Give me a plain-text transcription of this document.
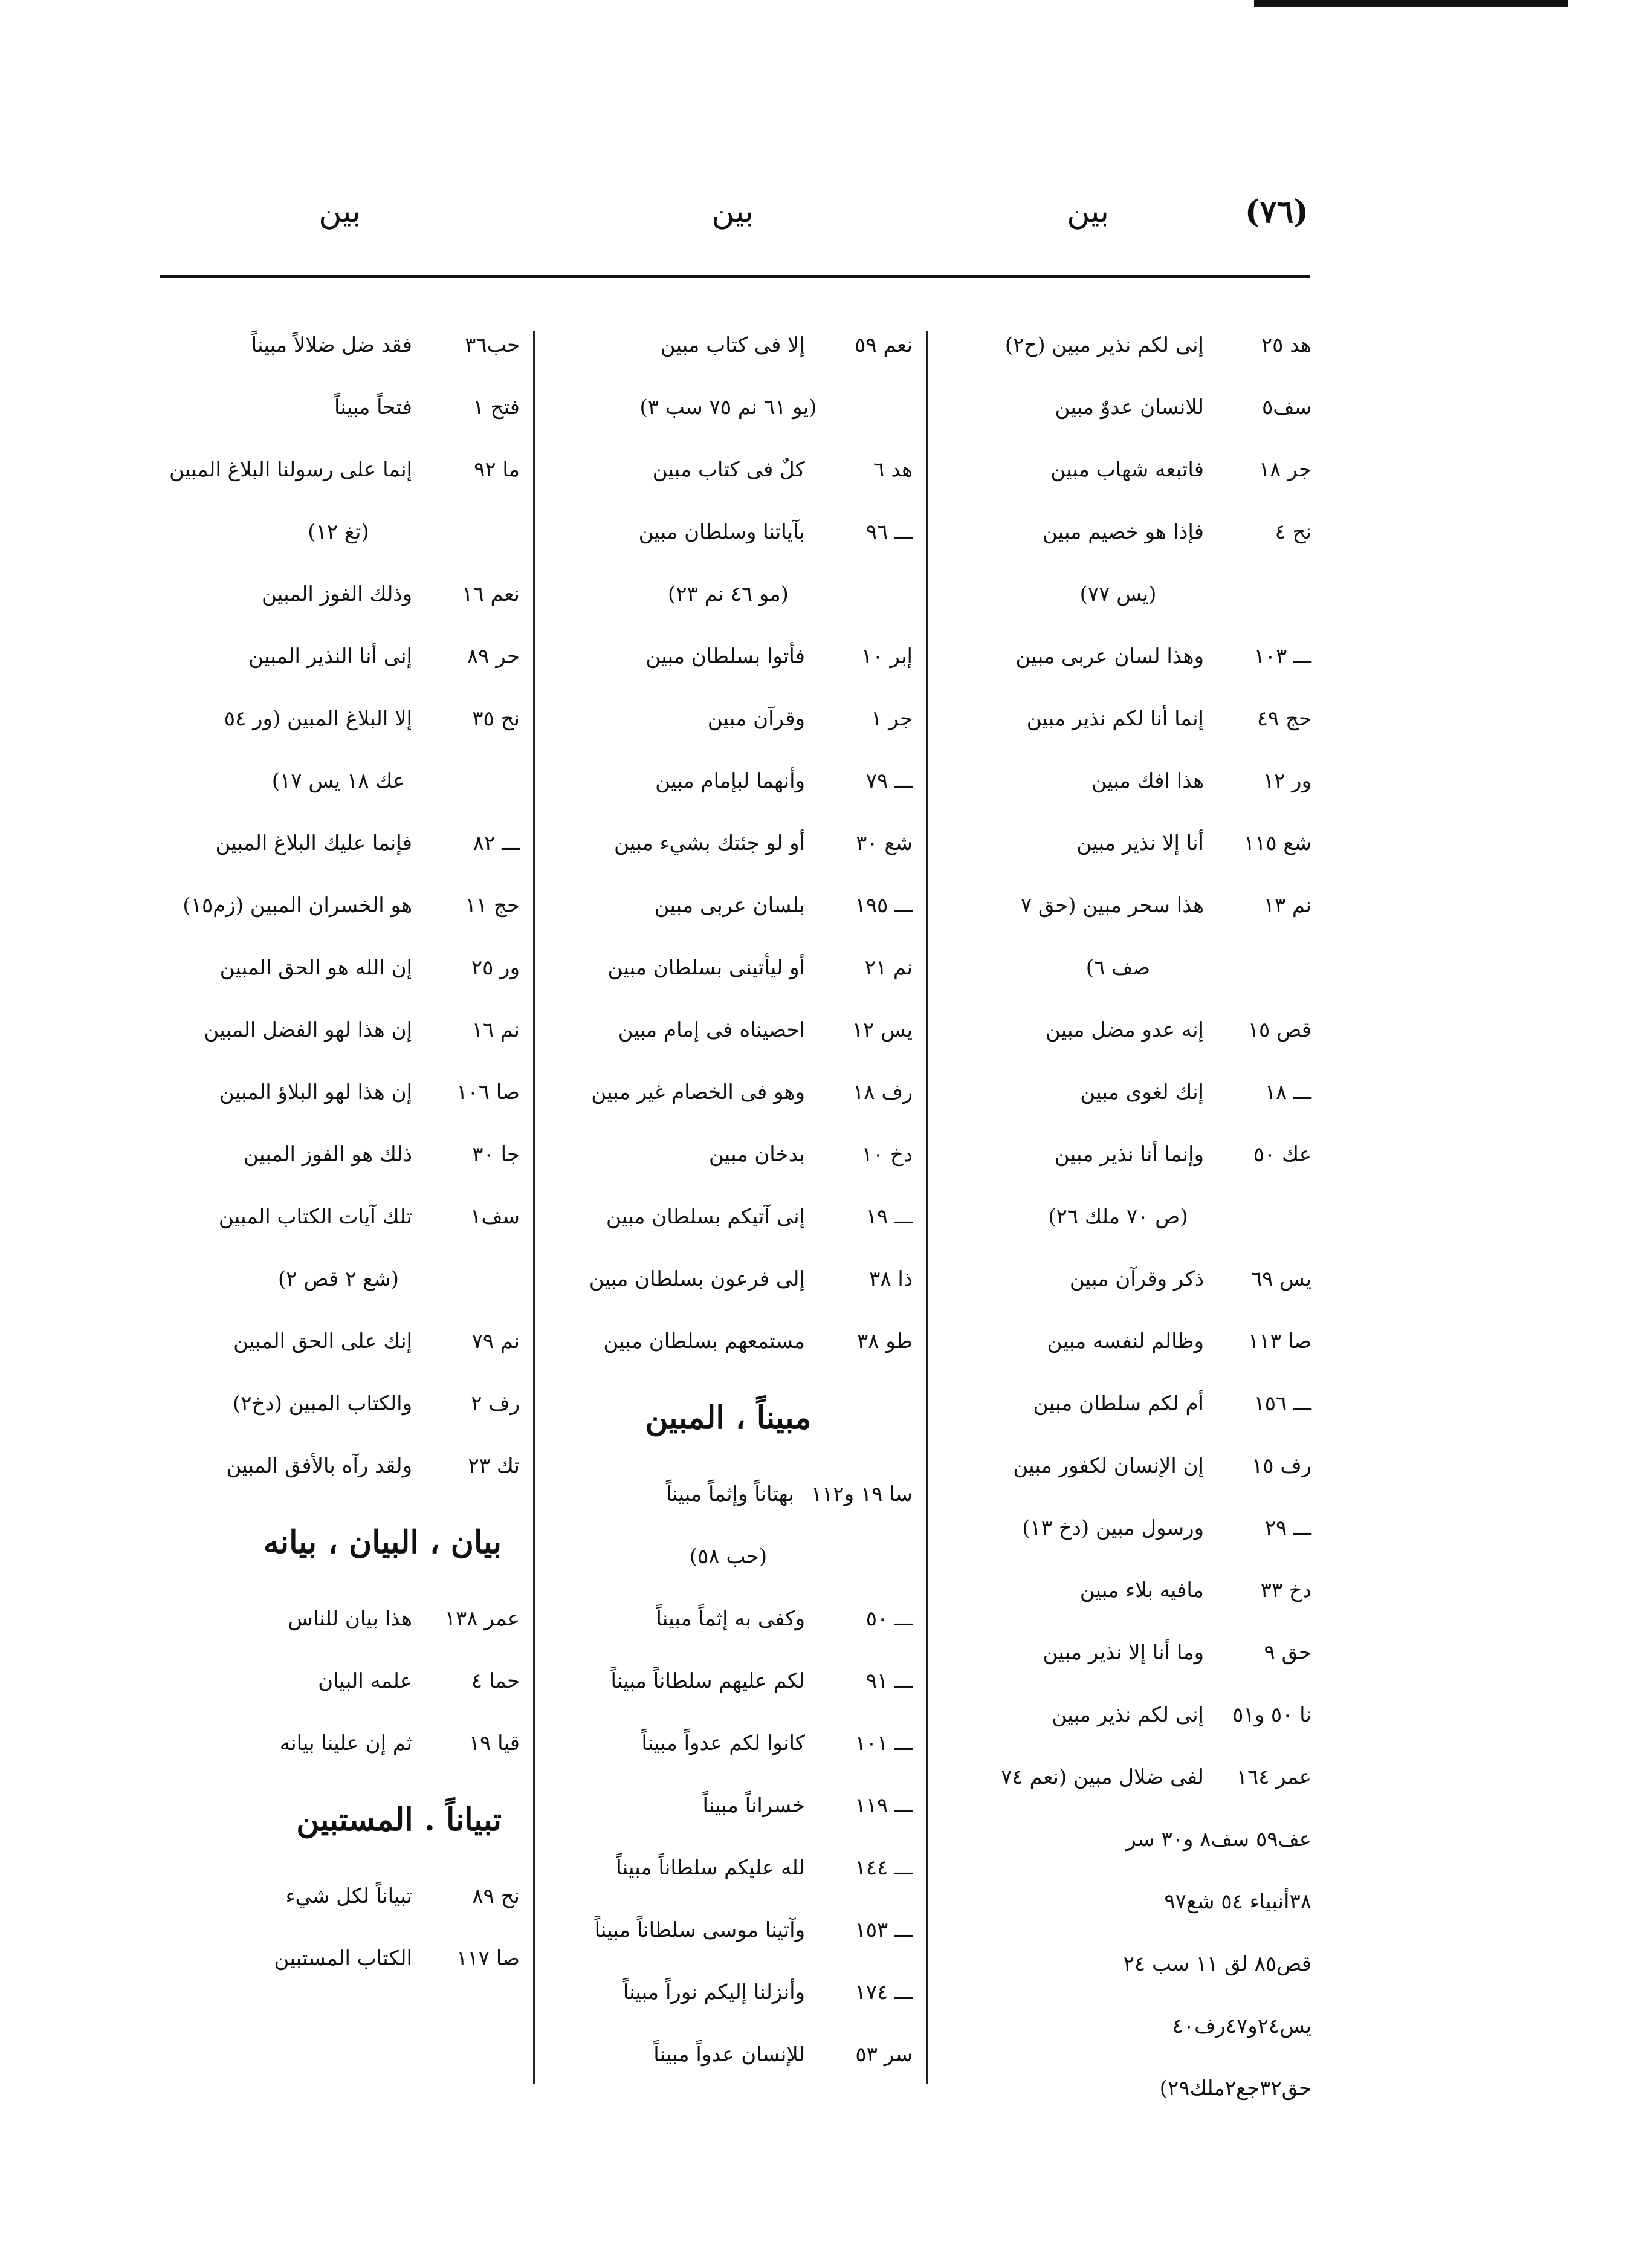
(٧٦)
بين
بين
بين
هد ٢٥إنى لكم نذير مبين (ح٢)
سف٥للانسان عدوٌ مبين
جر ١٨فاتبعه شهاب مبين
نح ٤فإذا هو خصيم مبين
(يس ٧٧)
ـــ ١٠٣وهذا لسان عربى مبين
حج ٤٩إنما أنا لكم نذير مبين
ور ١٢هذا افك مبين
شع ١١٥أنا إلا نذير مبين
نم ١٣هذا سحر مبين (حق ٧
صف ٦)
قص ١٥إنه عدو مضل مبين
ـــ ١٨إنك لغوى مبين
عك ٥٠وإنما أنا نذير مبين
(ص ٧٠ ملك ٢٦)
يس ٦٩ذكر وقرآن مبين
صا ١١٣وظالم لنفسه مبين
ـــ ١٥٦أم لكم سلطان مبين
رف ١٥إن الإنسان لكفور مبين
ـــ ٢٩ورسول مبين (دخ ١٣)
دخ ٣٣مافيه بلاء مبين
حق ٩وما أنا إلا نذير مبين
نا ٥٠ و٥١إنى لكم نذير مبين
عمر ١٦٤لفى ضلال مبين (نعم ٧٤
عف٥٩ سف٨ و٣٠ سر
٣٨أنبياء ٥٤ شع٩٧
قص٨٥ لق ١١ سب ٢٤
يس٢٤و٤٧رف٤٠
حق٣٢جع٢ملك٢٩)
نعم ٥٩إلا فى كتاب مبين
(يو ٦١ نم ٧٥ سب ٣)
هد ٦كلٌ فى كتاب مبين
ـــ ٩٦بآياتنا وسلطان مبين
(مو ٤٦ نم ٢٣)
إبر ١٠فأتوا بسلطان مبين
جر ١وقرآن مبين
ـــ ٧٩وأنهما لبإمام مبين
شع ٣٠أو لو جئتك بشيء مبين
ـــ ١٩٥بلسان عربى مبين
نم ٢١أو ليأتينى بسلطان مبين
يس ١٢احصيناه فى إمام مبين
رف ١٨وهو فى الخصام غير مبين
دخ ١٠بدخان مبين
ـــ ١٩إنى آتيكم بسلطان مبين
ذا ٣٨إلى فرعون بسلطان مبين
طو ٣٨مستمعهم بسلطان مبين
مبيناً ، المبين
سا ١٩ و١١٢بهتاناً وإثماً مبيناً
(حب ٥٨)
ـــ ٥٠وكفى به إثماً مبيناً
ـــ ٩١لكم عليهم سلطاناً مبيناً
ـــ ١٠١كانوا لكم عدواً مبيناً
ـــ ١١٩خسراناً مبيناً
ـــ ١٤٤لله عليكم سلطاناً مبيناً
ـــ ١٥٣وآتينا موسى سلطاناً مبيناً
ـــ ١٧٤وأنزلنا إليكم نوراً مبيناً
سر ٥٣للإنسان عدواً مبيناً
حب٣٦فقد ضل ضلالاً مبيناً
فتح ١فتحاً مبيناً
ما ٩٢إنما على رسولنا البلاغ المبين
(تغ ١٢)
نعم ١٦وذلك الفوز المبين
حر ٨٩إنى أنا النذير المبين
نح ٣٥إلا البلاغ المبين (ور ٥٤
عك ١٨ يس ١٧)
ـــ ٨٢فإنما عليك البلاغ المبين
حج ١١هو الخسران المبين (زم١٥)
ور ٢٥إن الله هو الحق المبين
نم ١٦إن هذا لهو الفضل المبين
صا ١٠٦إن هذا لهو البلاؤ المبين
جا ٣٠ذلك هو الفوز المبين
سف١تلك آيات الكتاب المبين
(شع ٢ قص ٢)
نم ٧٩إنك على الحق المبين
رف ٢والكتاب المبين (دخ٢)
تك ٢٣ولقد رآه بالأفق المبين
بيان ، البيان ، بيانه
عمر ١٣٨هذا بيان للناس
حما ٤علمه البيان
قيا ١٩ثم إن علينا بيانه
تبياناً . المستبين
نح ٨٩تبياناً لكل شيء
صا ١١٧الكتاب المستبين
